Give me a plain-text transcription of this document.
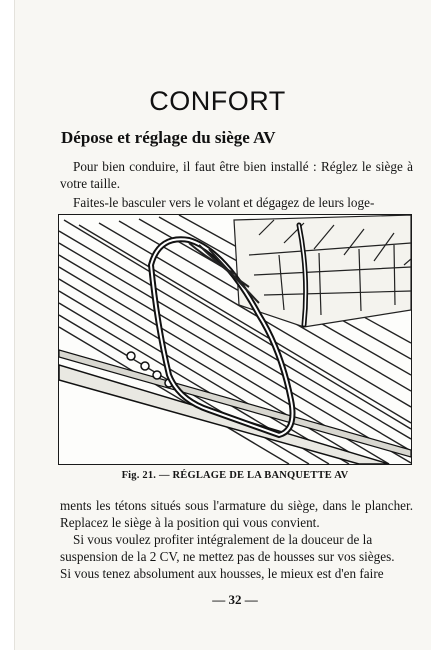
CONFORT
Dépose et réglage du siège AV
Pour bien conduire, il faut être bien installé : Réglez le siège à votre taille.
Faites-le basculer vers le volant et dégagez de leurs loge-
Fig. 21. — RÉGLAGE DE LA BANQUETTE AV
ments les tétons situés sous l'armature du siège, dans le plancher. Replacez le siège à la position qui vous convient.
Si vous voulez profiter intégralement de la douceur de la
suspension de la 2 CV, ne mettez pas de housses sur vos sièges.
Si vous tenez absolument aux housses, le mieux est d'en faire
— 32 —
